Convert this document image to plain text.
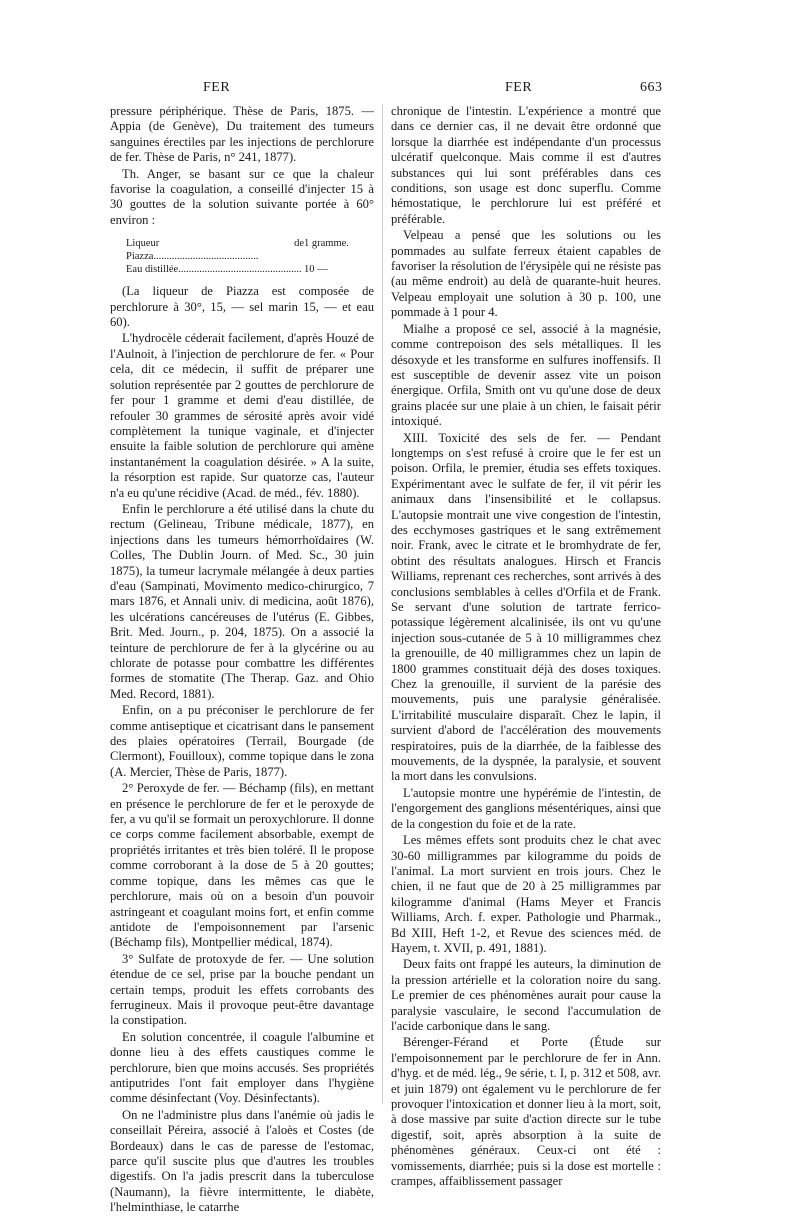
FER	FER	663

pressure périphérique. Thèse de Paris, 1875. — Appia (de Genève), Du traitement des tumeurs sanguines érectiles par les injections de perchlorure de fer. Thèse de Paris, n° 241, 1877).

Th. Anger, se basant sur ce que la chaleur favorise la coagulation, a conseillé d'injecter 15 à 30 gouttes de la solution suivante portée à 60° environ :

Liqueur de Piazza........................................
1 gramme.
Eau distillée............................................... 10 —

(La liqueur de Piazza est composée de perchlorure à 30°, 15, — sel marin 15, — et eau 60).

L'hydrocèle céderait facilement, d'après Houzé de l'Aulnoit, à l'injection de perchlorure de fer. « Pour cela, dit ce médecin, il suffit de préparer une solution représentée par 2 gouttes de perchlorure de fer pour 1 gramme et demi d'eau distillée, de refouler 30 grammes de sérosité après avoir vidé complètement la tunique vaginale, et d'injecter ensuite la faible solution de perchlorure qui amène instantanément la coagulation désirée. » A la suite, la résorption est rapide. Sur quatorze cas, l'auteur n'a eu qu'une récidive (Acad. de méd., fév. 1880).

Enfin le perchlorure a été utilisé dans la chute du rectum (Gelineau, Tribune médicale, 1877), en injections dans les tumeurs hémorrhoïdaires (W. Colles, The Dublin Journ. of Med. Sc., 30 juin 1875), la tumeur lacrymale mélangée à deux parties d'eau (Sampinati, Movimento medico-chirurgico, 7 mars 1876, et Annali univ. di medicina, août 1876), les ulcérations cancéreuses de l'utérus (E. Gibbes, Brit. Med. Journ., p. 204, 1875). On a associé la teinture de perchlorure de fer à la glycérine ou au chlorate de potasse pour combattre les différentes formes de stomatite (The Therap. Gaz. and Ohio Med. Record, 1881).

Enfin, on a pu préconiser le perchlorure de fer comme antiseptique et cicatrisant dans le pansement des plaies opératoires (Terrail, Bourgade (de Clermont), Fouilloux), comme topique dans le zona (A. Mercier, Thèse de Paris, 1877).

2° Peroxyde de fer. — Béchamp (fils), en mettant en présence le perchlorure de fer et le peroxyde de fer, a vu qu'il se formait un peroxychlorure. Il donne ce corps comme facilement absorbable, exempt de propriétés irritantes et très bien toléré. Il le propose comme corroborant à la dose de 5 à 20 gouttes; comme topique, dans les mêmes cas que le perchlorure, mais où on a besoin d'un pouvoir astringeant et coagulant moins fort, et enfin comme antidote de l'empoisonnement par l'arsenic (Béchamp fils), Montpellier médical, 1874).

3° Sulfate de protoxyde de fer. — Une solution étendue de ce sel, prise par la bouche pendant un certain temps, produit les effets corrobants des ferrugineux. Mais il provoque peut-être davantage la constipation.

En solution concentrée, il coagule l'albumine et donne lieu à des effets caustiques comme le perchlorure, bien que moins accusés. Ses propriétés antiputrides l'ont fait employer dans l'hygiène comme désinfectant (Voy. Désinfectants).

On ne l'administre plus dans l'anémie où jadis le conseillait Péreira, associé à l'aloès et Costes (de Bordeaux) dans le cas de paresse de l'estomac, parce qu'il suscite plus que d'autres les troubles digestifs. On l'a jadis prescrit dans la tuberculose (Naumann), la fièvre intermittente, le diabète, l'helminthiase, le catarrhe

chronique de l'intestin. L'expérience a montré que dans ce dernier cas, il ne devait être ordonné que lorsque la diarrhée est indépendante d'un processus ulcératif quelconque. Mais comme il est d'autres substances qui lui sont préférables dans ces conditions, son usage est donc superflu. Comme hémostatique, le perchlorure lui est préféré et préférable.

Velpeau a pensé que les solutions ou les pommades au sulfate ferreux étaient capables de favoriser la résolution de l'érysipèle qui ne résiste pas (au même endroit) au delà de quarante-huit heures. Velpeau employait une solution à 30 p. 100, une pommade à 1 pour 4.

Mialhe a proposé ce sel, associé à la magnésie, comme contrepoison des sels métalliques. Il les désoxyde et les transforme en sulfures inoffensifs. Il est susceptible de devenir assez vite un poison énergique. Orfila, Smith ont vu qu'une dose de deux grains placée sur une plaie à un chien, le faisait périr intoxiqué.

XIII. Toxicité des sels de fer. — Pendant longtemps on s'est refusé à croire que le fer est un poison. Orfila, le premier, étudia ses effets toxiques. Expérimentant avec le sulfate de fer, il vit périr les animaux dans l'insensibilité et le collapsus. L'autopsie montrait une vive congestion de l'intestin, des ecchymoses gastriques et le sang extrêmement noir. Frank, avec le citrate et le bromhydrate de fer, obtint des résultats analogues. Hirsch et Francis Williams, reprenant ces recherches, sont arrivés à des conclusions semblables à celles d'Orfila et de Frank. Se servant d'une solution de tartrate ferrico-potassique légèrement alcalinisée, ils ont vu qu'une injection sous-cutanée de 5 à 10 milligrammes chez la grenouille, de 40 milligrammes chez un lapin de 1800 grammes constituait déjà des doses toxiques. Chez la grenouille, il survient de la parésie des mouvements, puis une paralysie généralisée. L'irritabilité musculaire disparaît. Chez le lapin, il survient d'abord de l'accélération des mouvements respiratoires, puis de la diarrhée, de la faiblesse des mouvements, de la dyspnée, la paralysie, et souvent la mort dans les convulsions.

L'autopsie montre une hypérémie de l'intestin, de l'engorgement des ganglions mésentériques, ainsi que de la congestion du foie et de la rate.

Les mêmes effets sont produits chez le chat avec 30-60 milligrammes par kilogramme du poids de l'animal. La mort survient en trois jours. Chez le chien, il ne faut que de 20 à 25 milligrammes par kilogramme d'animal (Hams Meyer et Francis Williams, Arch. f. exper. Pathologie und Pharmak., Bd XIII, Heft 1-2, et Revue des sciences méd. de Hayem, t. XVII, p. 491, 1881).

Deux faits ont frappé les auteurs, la diminution de la pression artérielle et la coloration noire du sang. Le premier de ces phénomènes aurait pour cause la paralysie vasculaire, le second l'accumulation de l'acide carbonique dans le sang.

Bérenger-Férand et Porte (Étude sur l'empoisonnement par le perchlorure de fer in Ann. d'hyg. et de méd. lég., 9e série, t. I, p. 312 et 508, avr. et juin 1879) ont également vu le perchlorure de fer provoquer l'intoxication et donner lieu à la mort, soit, à dose massive par suite d'action directe sur le tube digestif, soit, après absorption à la suite de phénomènes généraux. Ceux-ci ont été : vomissements, diarrhée; puis si la dose est mortelle : crampes, affaiblissement passager
